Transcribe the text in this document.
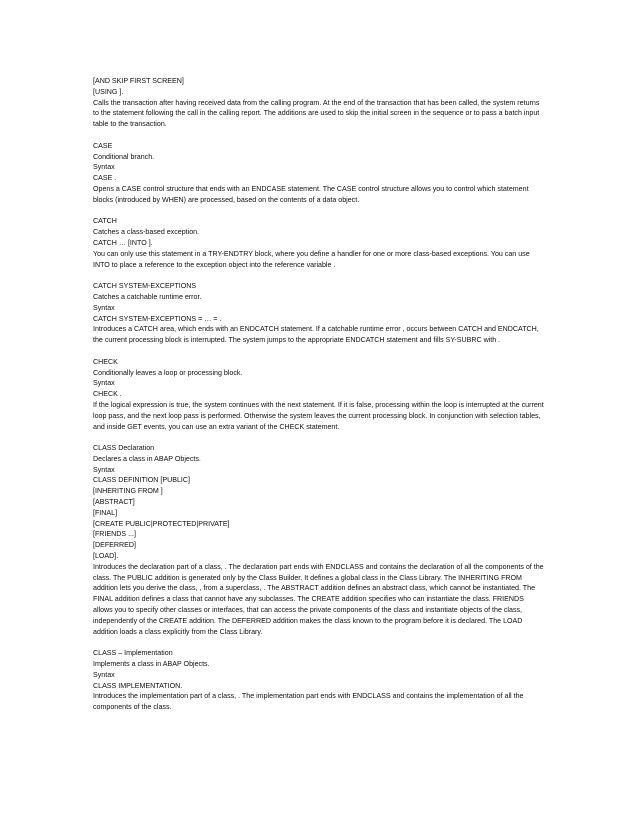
[AND SKIP FIRST SCREEN]
[USING ].
Calls the transaction after having received data from the calling program. At the end of the transaction that has been called, the system returns to the statement following the call in the calling report. The additions are used to skip the initial screen in the sequence or to pass a batch input table to the transaction.
CASE
Conditional branch.
Syntax
CASE .
Opens a CASE control structure that ends with an ENDCASE statement. The CASE control structure allows you to control which statement blocks (introduced by WHEN) are processed, based on the contents of a data object.
CATCH
Catches a class-based exception.
CATCH … [INTO ].
You can only use this statement in a TRY-ENDTRY block, where you define a handler for one or more class-based exceptions. You can use INTO to place a reference to the exception object into the reference variable .
CATCH SYSTEM-EXCEPTIONS
Catches a catchable runtime error.
Syntax
CATCH SYSTEM-EXCEPTIONS = … = .
Introduces a CATCH area, which ends with an ENDCATCH statement. If a catchable runtime error , occurs between CATCH and ENDCATCH, the current processing block is interrupted. The system jumps to the appropriate ENDCATCH statement and fills SY-SUBRC with .
CHECK
Conditionally leaves a loop or processing block.
Syntax
CHECK .
If the logical expression is true, the system continues with the next statement. If it is false, processing within the loop is interrupted at the current loop pass, and the next loop pass is performed. Otherwise the system leaves the current processing block. In conjunction with selection tables, and inside GET events, you can use an extra variant of the CHECK statement.
CLASS Declaration
Declares a class in ABAP Objects.
Syntax
CLASS DEFINITION [PUBLIC]
[INHERITING FROM ]
[ABSTRACT]
[FINAL]
[CREATE PUBLIC|PROTECTED|PRIVATE]
[FRIENDS ...]
[DEFERRED]
[LOAD].
Introduces the declaration part of a class, . The declaration part ends with ENDCLASS and contains the declaration of all the components of the class. The PUBLIC addition is generated only by the Class Builder. It defines a global class in the Class Library. The INHERITING FROM addition lets you derive the class, , from a superclass, . The ABSTRACT addition defines an abstract class, which cannot be instantiated. The FINAL addition defines a class that cannot have any subclasses. The CREATE addition specifies who can instantiate the class. FRIENDS allows you to specify other classes or interfaces, that can access the private components of the class and instantiate objects of the class, independently of the CREATE addition. The DEFERRED addition makes the class known to the program before it is declared. The LOAD addition loads a class explicitly from the Class Library.
CLASS – Implementation
Implements a class in ABAP Objects.
Syntax
CLASS IMPLEMENTATION.
Introduces the implementation part of a class, . The implementation part ends with ENDCLASS and contains the implementation of all the components of the class.
